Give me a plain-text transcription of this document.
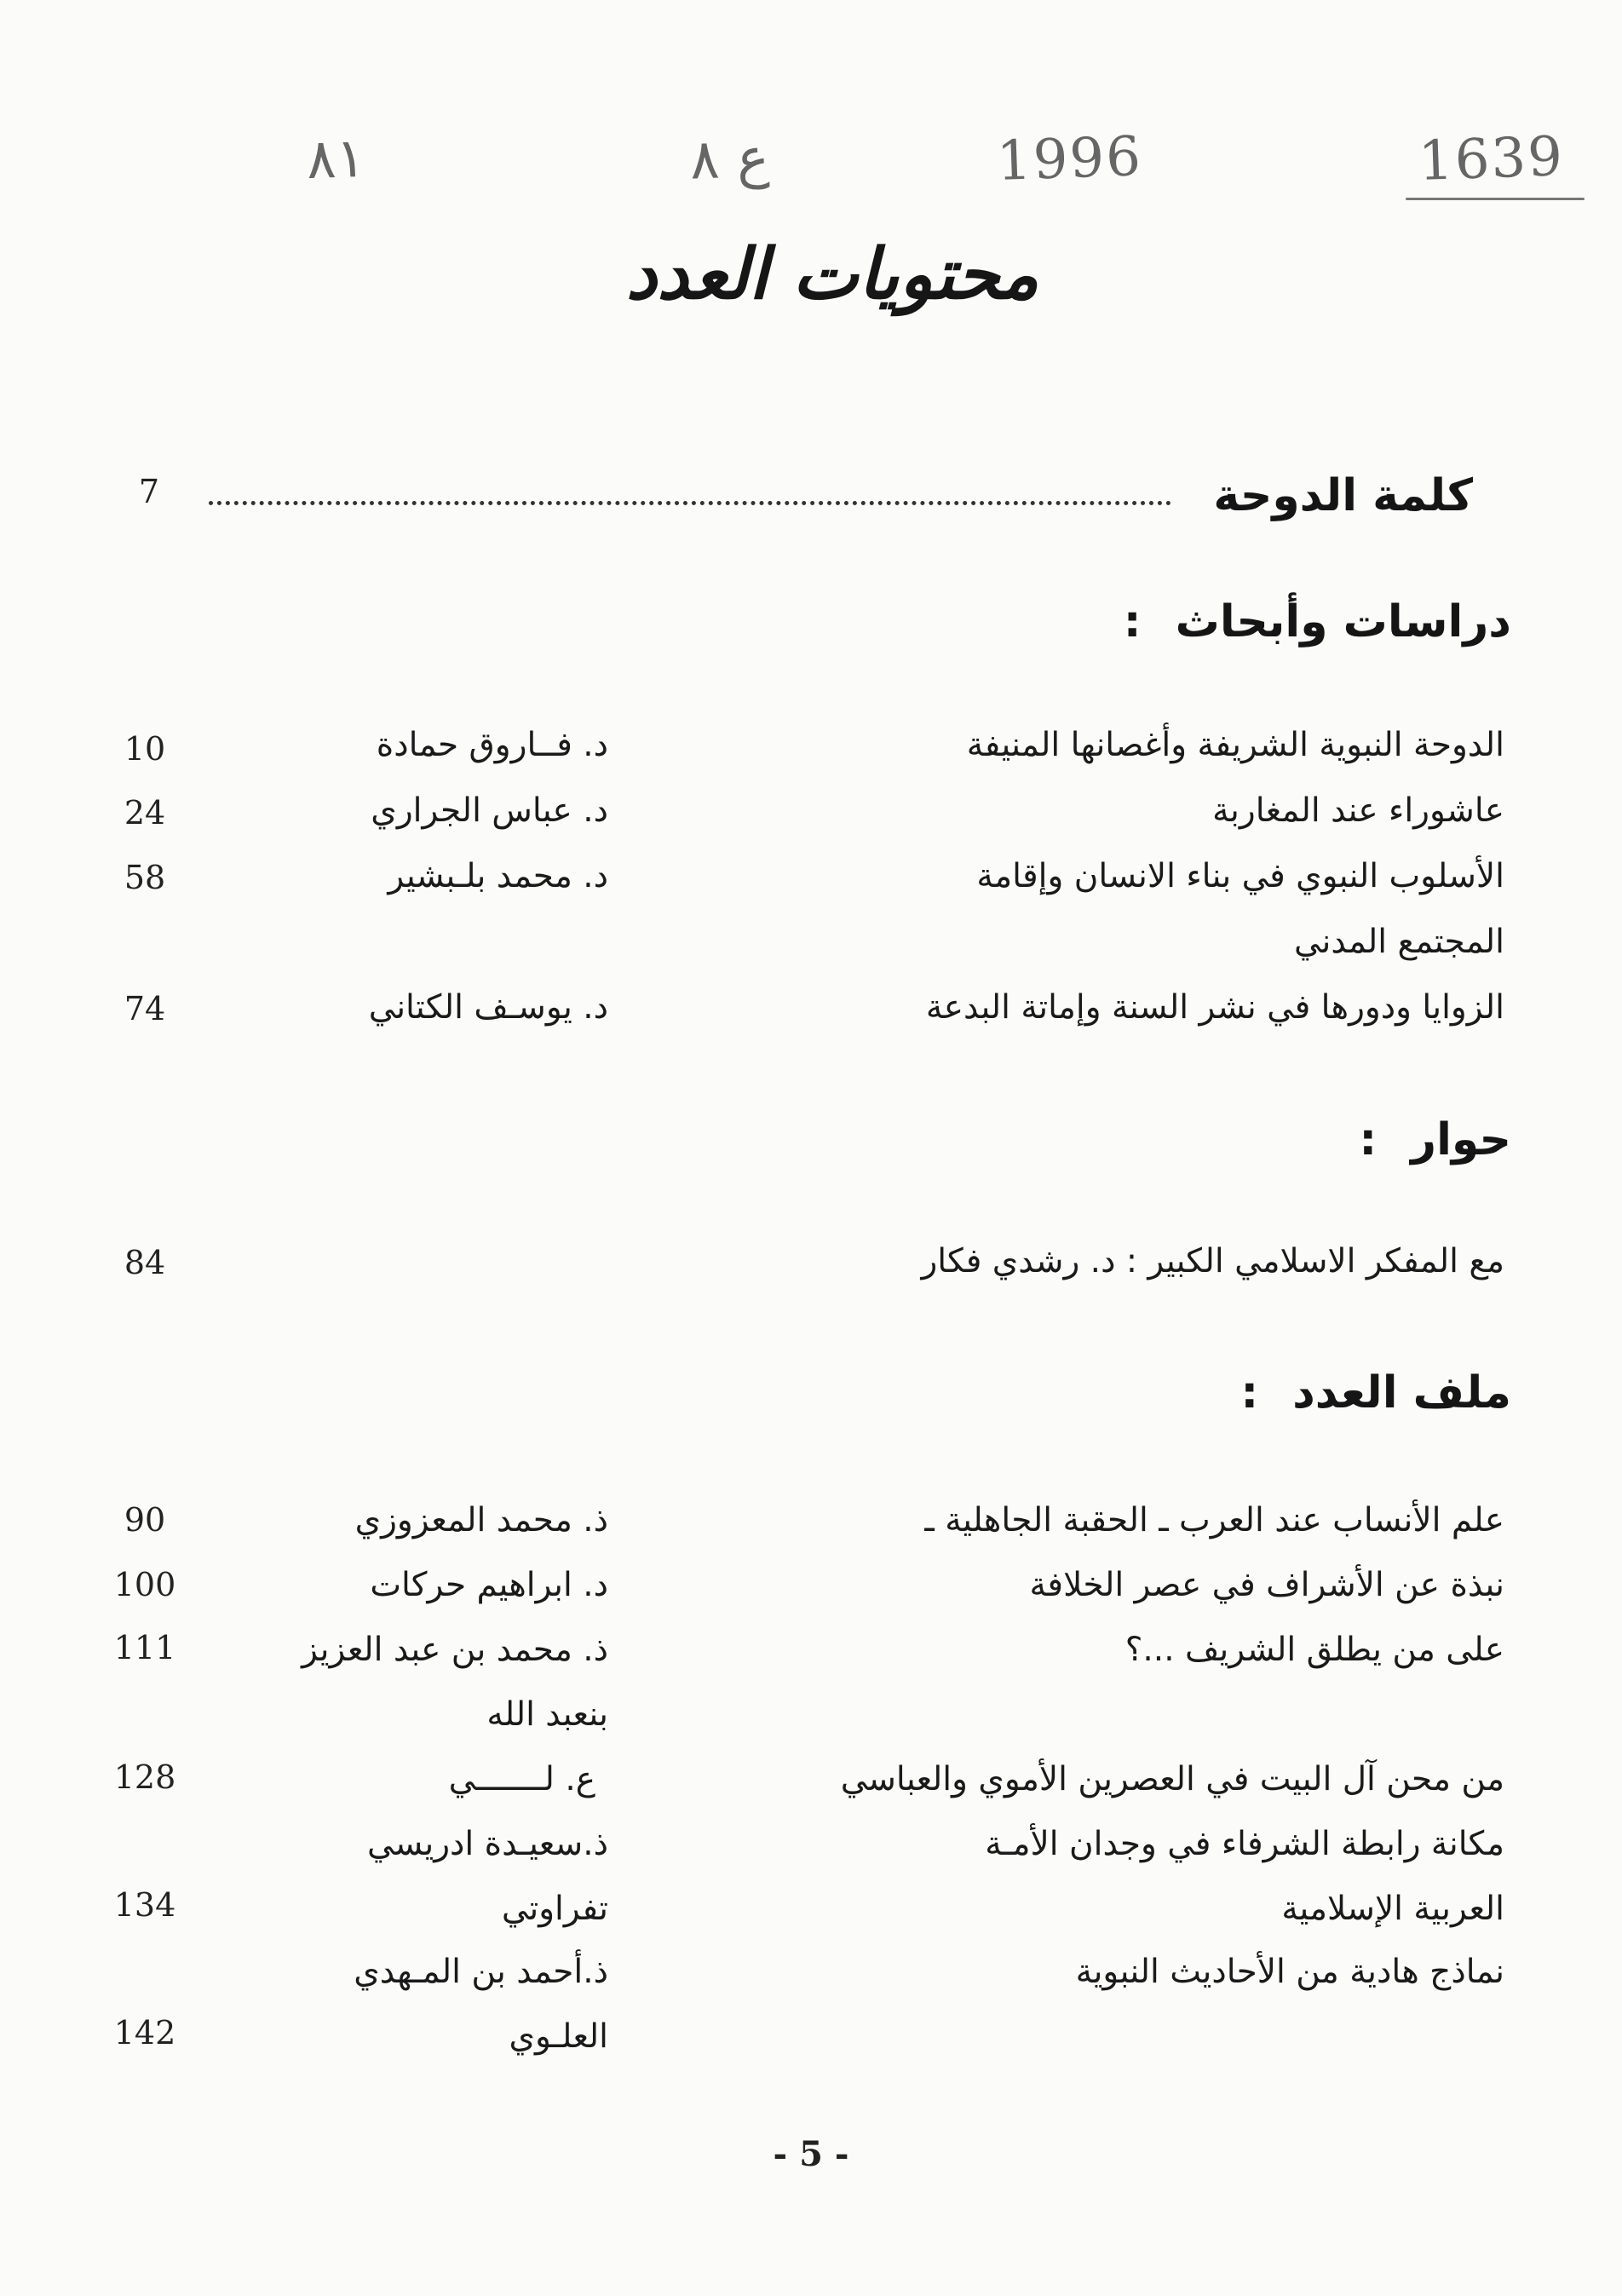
1639
1996
ع ٨
٨١
محتويات العدد
كلمة الدوحة
7
دراسات وأبحاث:
الدوحة النبوية الشريفة وأغصانها المنيفة
د. فــاروق حمادة
10
عاشوراء عند المغاربة
د. عباس الجراري
24
الأسلوب النبوي في بناء الانسان وإقامة
المجتمع المدني
د. محمد بلـبشير
58
الزوايا ودورها في نشر السنة وإماتة البدعة
د. يوسـف الكتاني
74
حوار:
مع المفكر الاسلامي الكبير : د. رشدي فكار
84
ملف العدد:
علم الأنساب عند العرب ـ الحقبة الجاهلية ـ
ذ. محمد المعزوزي
90
نبذة عن الأشراف في عصر الخلافة
د. ابراهيم حركات
100
على من يطلق الشريف ...؟
ذ. محمد بن عبد العزيز
بنعبد الله
111
من محن آل البيت في العصرين الأموي والعباسي
ع. لـــــــي
128
مكانة رابطة الشرفاء في وجدان الأمـة
العربية الإسلامية
ذ.سعيـدة ادريسي
تفراوتي
134
نماذج هادية من الأحاديث النبوية
ذ.أحمد بن المـهدي
العلـوي
142
- 5 -
